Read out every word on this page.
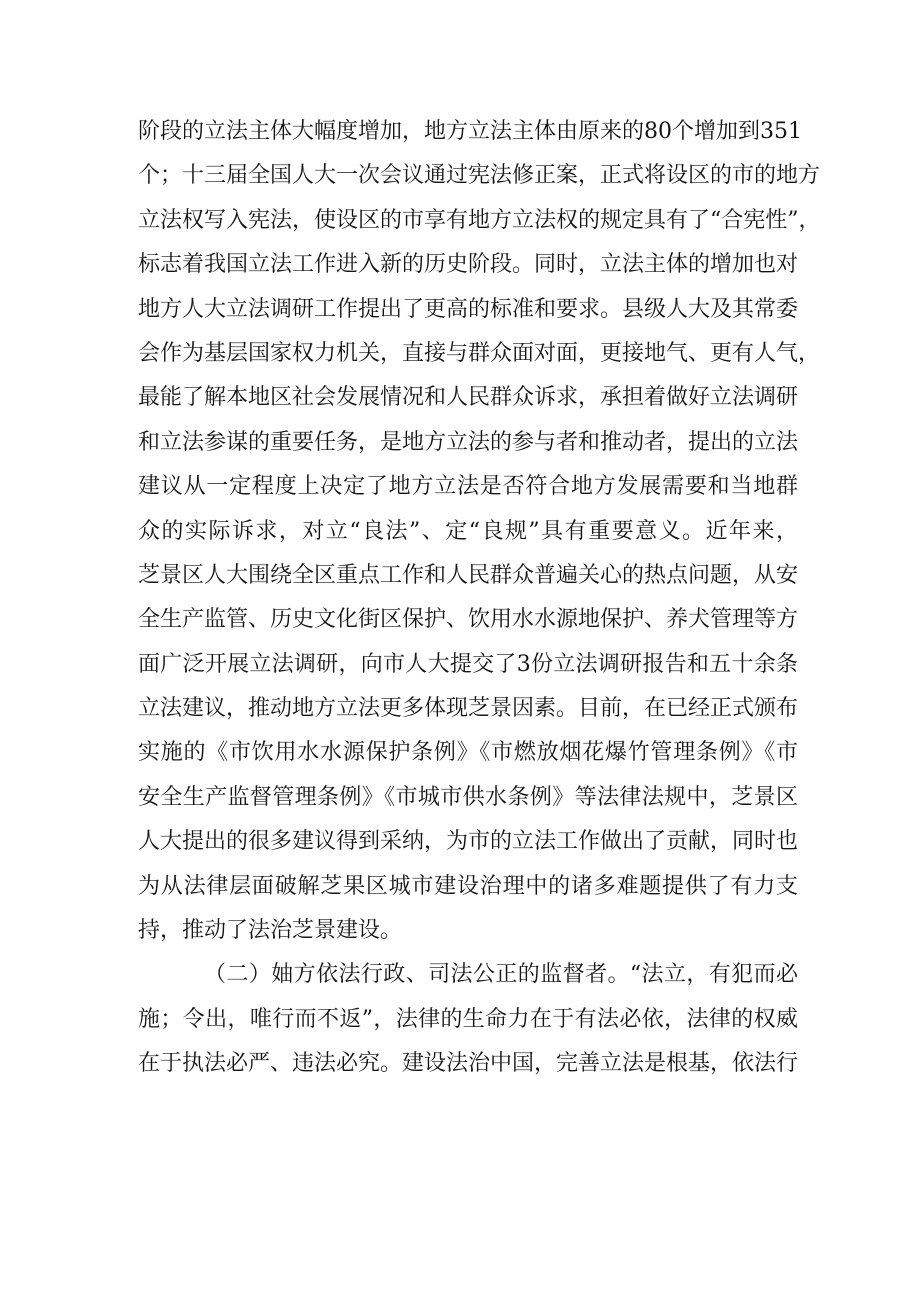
阶段的立法主体大幅度增加，地方立法主体由原来的80个增加到351
个；十三届全国人大一次会议通过宪法修正案，正式将设区的市的地方
立法权写入宪法，使设区的市享有地方立法权的规定具有了“合宪性”，
标志着我国立法工作进入新的历史阶段。同时，立法主体的增加也对
地方人大立法调研工作提出了更高的标准和要求。县级人大及其常委
会作为基层国家权力机关，直接与群众面对面，更接地气、更有人气，
最能了解本地区社会发展情况和人民群众诉求，承担着做好立法调研
和立法参谋的重要任务，是地方立法的参与者和推动者，提出的立法
建议从一定程度上决定了地方立法是否符合地方发展需要和当地群
众的实际诉求，对立“良法”、定“良规”具有重要意义。近年来，
芝景区人大围绕全区重点工作和人民群众普遍关心的热点问题，从安
全生产监管、历史文化街区保护、饮用水水源地保护、养犬管理等方
面广泛开展立法调研，向市人大提交了3份立法调研报告和五十余条
立法建议，推动地方立法更多体现芝景因素。目前，在已经正式颁布
实施的《市饮用水水源保护条例》《市燃放烟花爆竹管理条例》《市
安全生产监督管理条例》《市城市供水条例》等法律法规中，芝景区
人大提出的很多建议得到采纳，为市的立法工作做出了贡献，同时也
为从法律层面破解芝果区城市建设治理中的诸多难题提供了有力支
持，推动了法治芝景建设。
（二）妯方依法行政、司法公正的监督者。“法立，有犯而必
施；令出，唯行而不返”，法律的生命力在于有法必依，法律的权威
在于执法必严、违法必究。建设法治中国，完善立法是根基，依法行
